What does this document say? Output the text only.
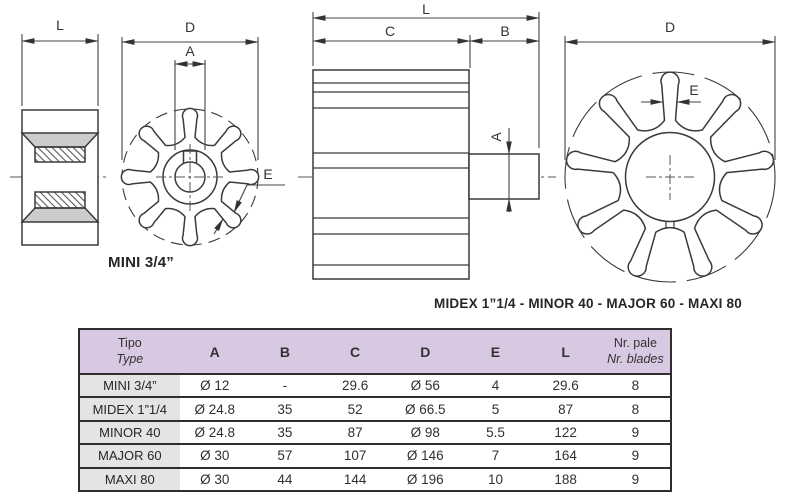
L	D
A
E
L
C	B
A
D
E
MINI 3/4”
MIDEX 1”1/4 - MINOR 40 - MAJOR 60 - MAXI 80
Tipo
Type	A	B	C	D	E	L	
Nr. pale
Nr. blades

MINI 3/4”	Ø 12	-	29.6	Ø 56	4	29.6	8
MIDEX 1”1/4	Ø 24.8	35	52	Ø 66.5	5	87	8
MINOR 40	Ø 24.8	35	87	Ø 98	5.5	122	9
MAJOR 60	Ø 30	57	107	Ø 146	7	164	9
MAXI 80	Ø 30	44	144	Ø 196	10	188	9
